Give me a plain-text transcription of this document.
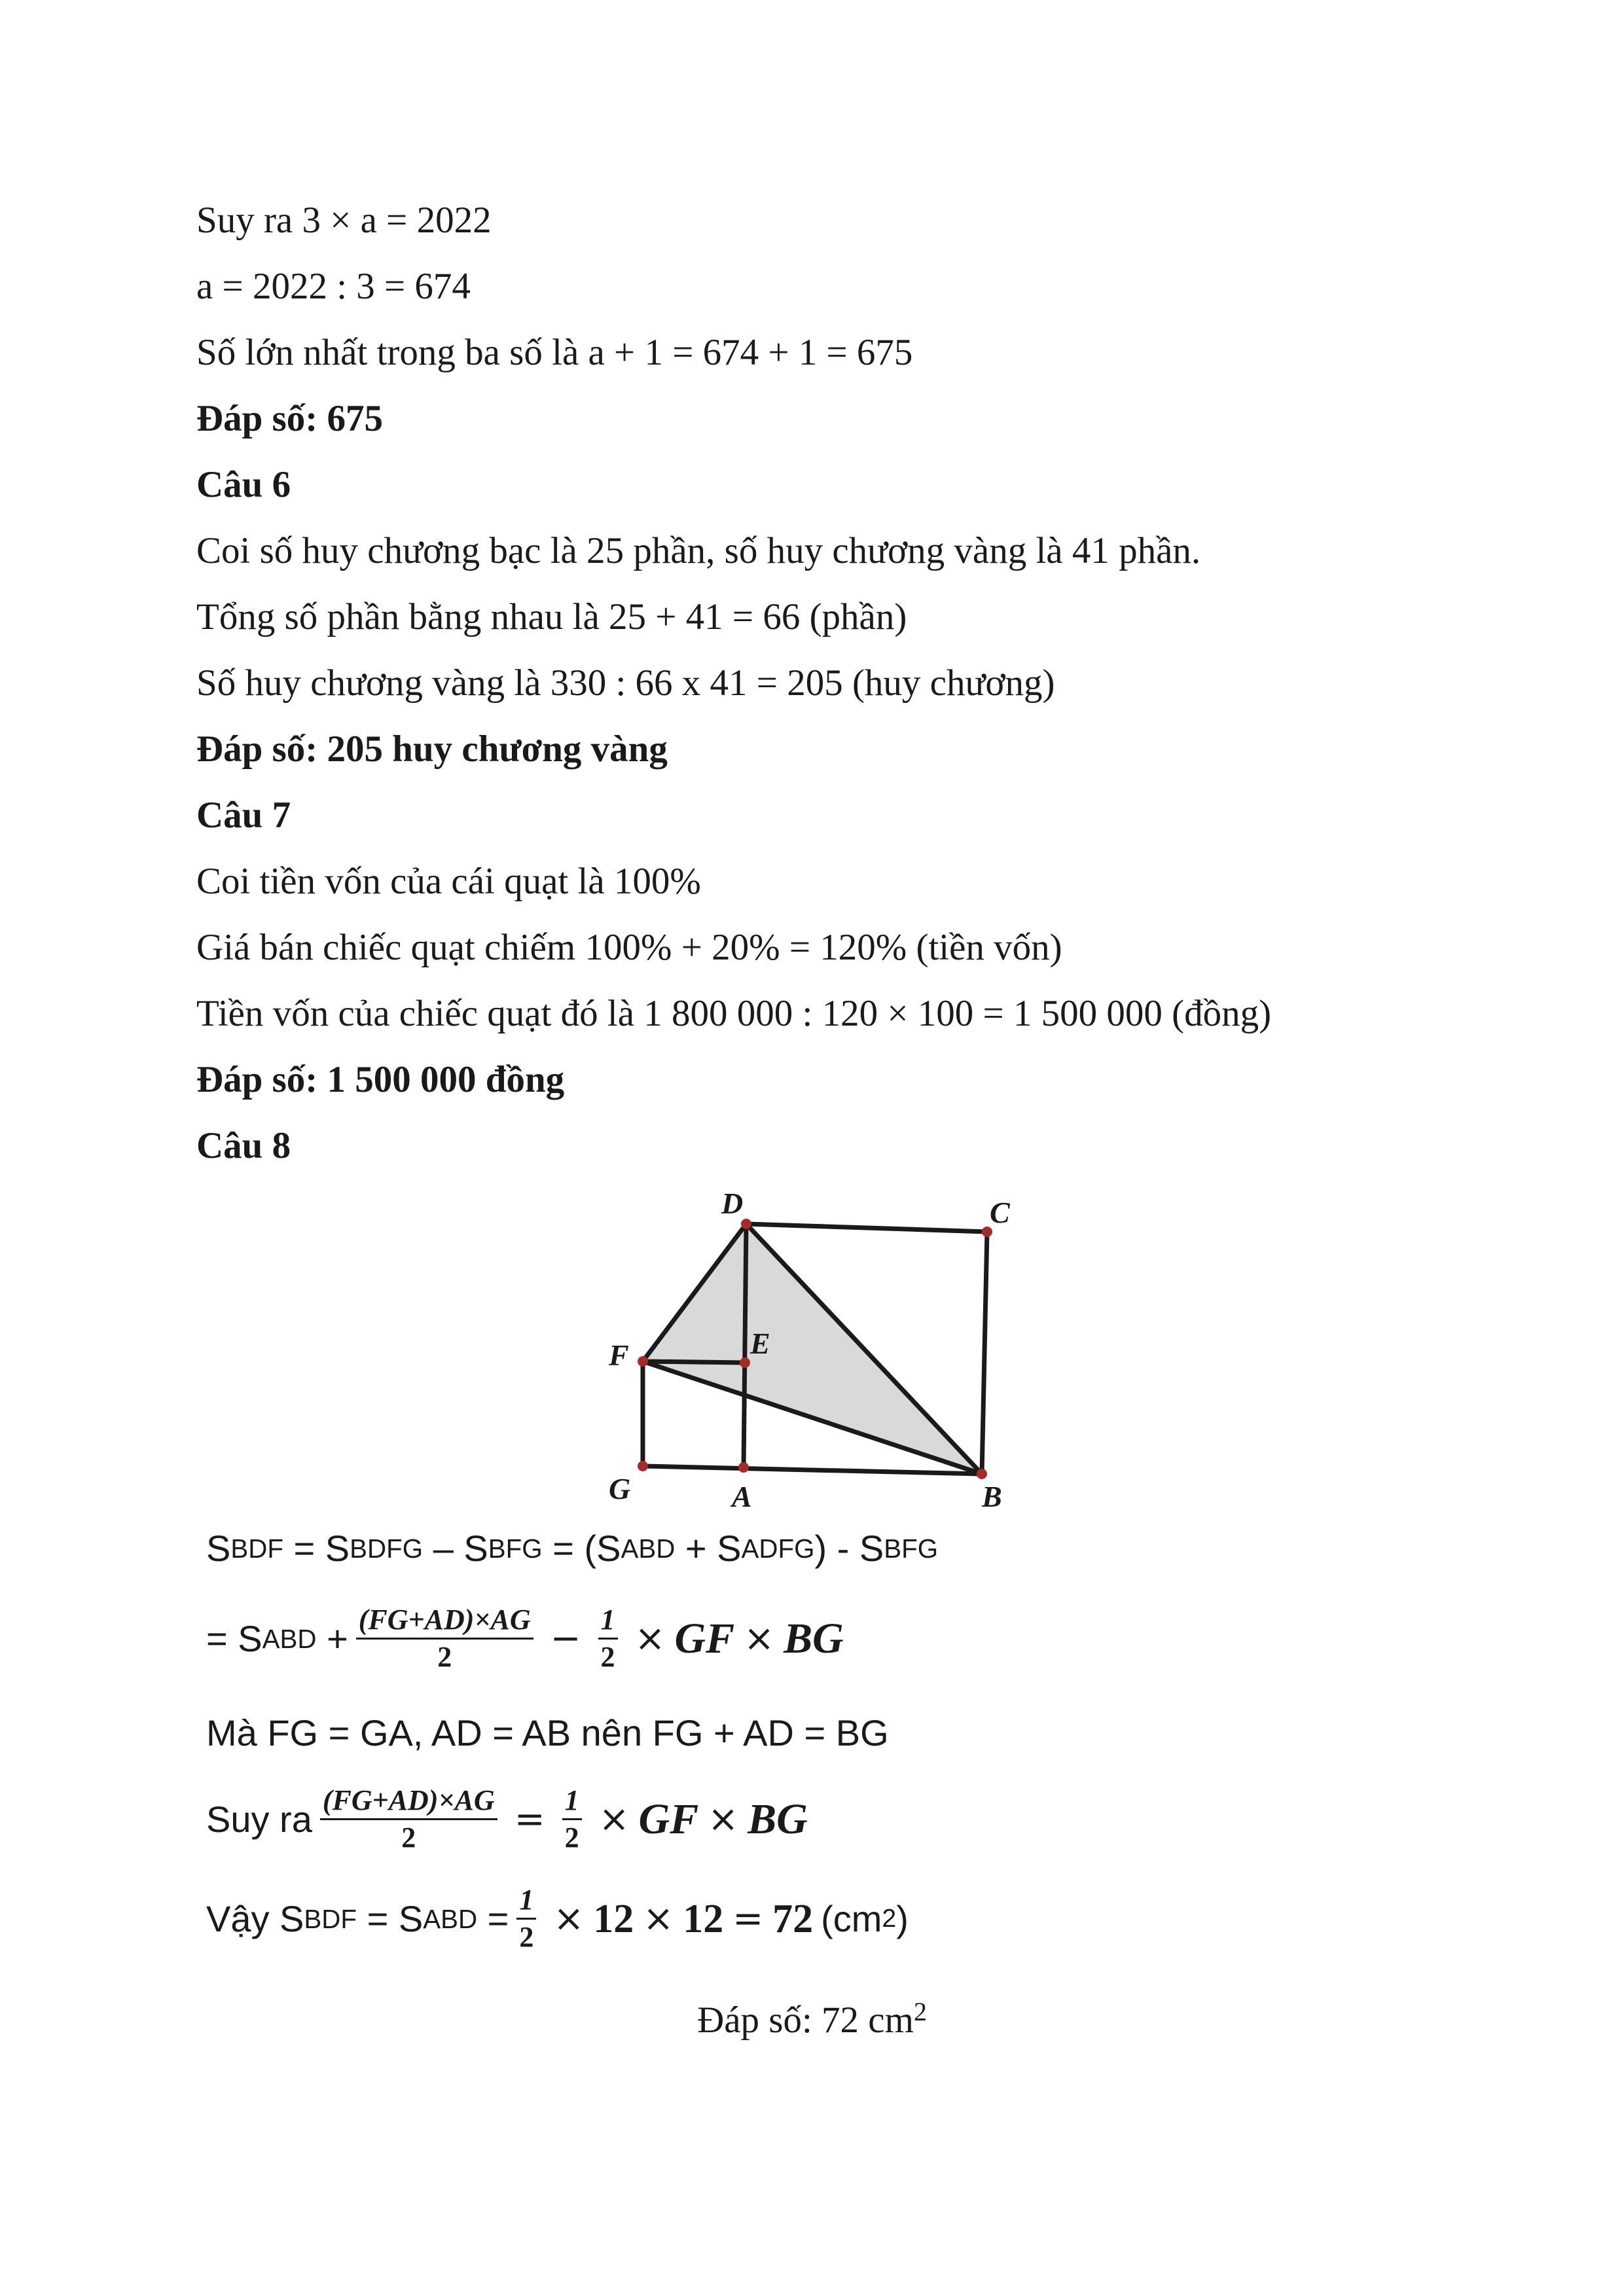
Suy ra 3 × a = 2022
a = 2022 : 3 = 674
Số lớn nhất trong ba số là a + 1 = 674 + 1 = 675
Đáp số: 675
Câu 6
Coi số huy chương bạc là 25 phần, số huy chương vàng là 41 phần.
Tổng số phần bằng nhau là 25 + 41 = 66 (phần)
Số huy chương vàng là 330 : 66 x 41 = 205 (huy chương)
Đáp số: 205 huy chương vàng
Câu 7
Coi tiền vốn của cái quạt là 100%
Giá bán chiếc quạt chiếm 100% + 20% = 120% (tiền vốn)
Tiền vốn của chiếc quạt đó là 1 800 000 : 120 × 100 = 1 500 000 (đồng)
Đáp số: 1 500 000 đồng
Câu 8
D	C
F	E
G	A	B
S BDF = S BDFG – S BFG = (S ABD + S ADFG ) - S BFG
= S ABD + $\frac{(FG+AD)\times AG}{2} - \frac{1}{2}$ × GF × BG
Mà FG = GA, AD = AB nên FG + AD = BG
Suy ra $\frac{(FG+AD)\times AG}{2} = \frac{1}{2}$ × GF × BG
Vậy S BDF = S ABD = $\frac{1}{2} \times 12 \times 12 = 72$ (cm 2 )
Đáp số: 72 $cm^2$
